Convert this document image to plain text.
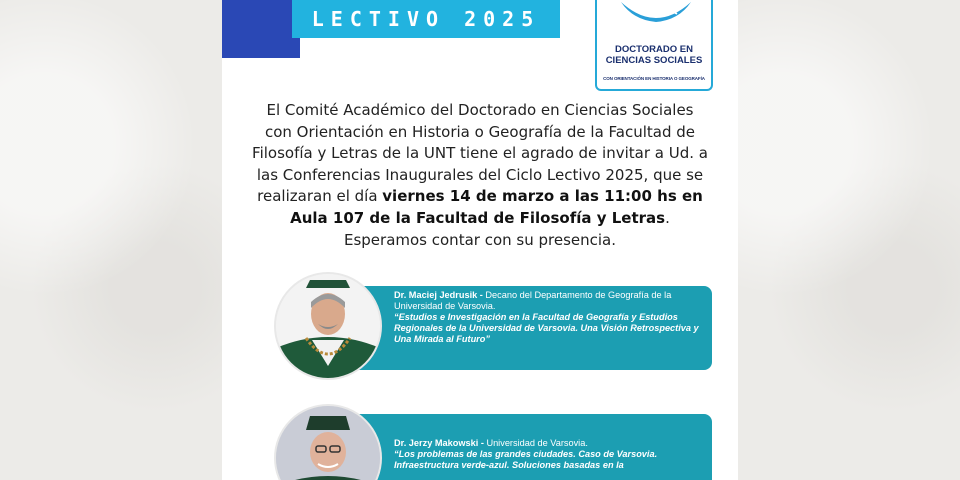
LECTIVO 2025
DOCTORADO EN
CIENCIAS SOCIALES
CON ORIENTACIÓN EN HISTORIA O GEOGRAFÍA
El Comité Académico del Doctorado en Ciencias Sociales con Orientación en Historia o Geografía de la Facultad de Filosofía y Letras de la UNT tiene el agrado de invitar a Ud. a las Conferencias Inaugurales del Ciclo Lectivo 2025, que se realizaran el día viernes 14 de marzo a las 11:00 hs en Aula 107 de la Facultad de Filosofía y Letras.
Esperamos contar con su presencia.
Dr. Maciej Jedrusik - Decano del Departamento de Geografía de la Universidad de Varsovia.
“Estudios e Investigación en la Facultad de Geografía y Estudios Regionales de la Universidad de Varsovia. Una Visión Retrospectiva y Una Mirada al Futuro”
Dr. Jerzy Makowski - Universidad de Varsovia.
“Los problemas de las grandes ciudades. Caso de Varsovia. Infraestructura verde-azul. Soluciones basadas en la
